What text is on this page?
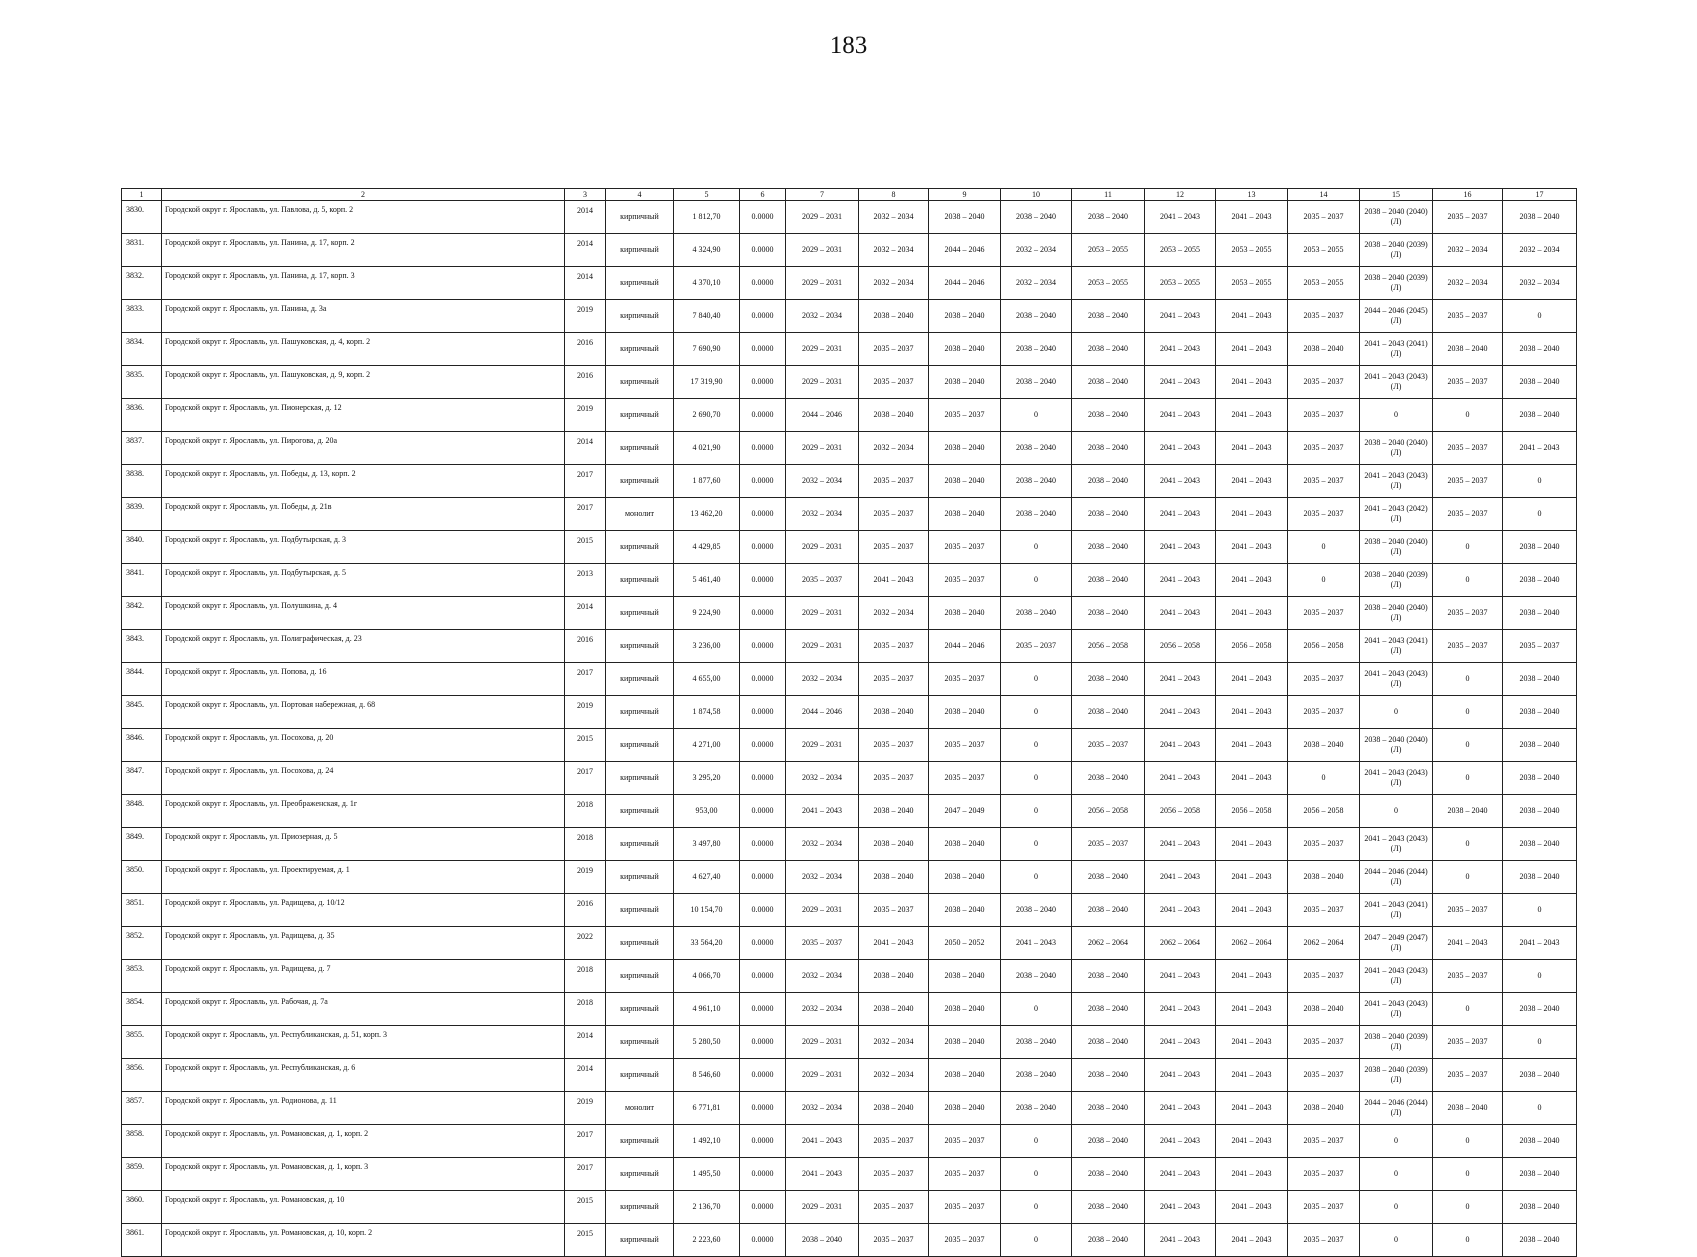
183
1	2	3	4	5	6	7	8	9	10	11	12	13	14	15	16	17
3830.	Городской округ г. Ярославль, ул. Павлова, д. 5, корп. 2	2014	кирпичный	1 812,70	0.0000	2029 – 2031	2032 – 2034	2038 – 2040	2038 – 2040	2038 – 2040	2041 – 2043	2041 – 2043	2035 – 2037	2038 – 2040 (2040) (Л)	2035 – 2037	2038 – 2040
3831.	Городской округ г. Ярославль, ул. Панина, д. 17, корп. 2	2014	кирпичный	4 324,90	0.0000	2029 – 2031	2032 – 2034	2044 – 2046	2032 – 2034	2053 – 2055	2053 – 2055	2053 – 2055	2053 – 2055	2038 – 2040 (2039) (Л)	2032 – 2034	2032 – 2034
3832.	Городской округ г. Ярославль, ул. Панина, д. 17, корп. 3	2014	кирпичный	4 370,10	0.0000	2029 – 2031	2032 – 2034	2044 – 2046	2032 – 2034	2053 – 2055	2053 – 2055	2053 – 2055	2053 – 2055	2038 – 2040 (2039) (Л)	2032 – 2034	2032 – 2034
3833.	Городской округ г. Ярославль, ул. Панина, д. 3а	2019	кирпичный	7 840,40	0.0000	2032 – 2034	2038 – 2040	2038 – 2040	2038 – 2040	2038 – 2040	2041 – 2043	2041 – 2043	2035 – 2037	2044 – 2046 (2045) (Л)	2035 – 2037	0
3834.	Городской округ г. Ярославль, ул. Пашуковская, д. 4, корп. 2	2016	кирпичный	7 690,90	0.0000	2029 – 2031	2035 – 2037	2038 – 2040	2038 – 2040	2038 – 2040	2041 – 2043	2041 – 2043	2038 – 2040	2041 – 2043 (2041) (Л)	2038 – 2040	2038 – 2040
3835.	Городской округ г. Ярославль, ул. Пашуковская, д. 9, корп. 2	2016	кирпичный	17 319,90	0.0000	2029 – 2031	2035 – 2037	2038 – 2040	2038 – 2040	2038 – 2040	2041 – 2043	2041 – 2043	2035 – 2037	2041 – 2043 (2043) (Л)	2035 – 2037	2038 – 2040
3836.	Городской округ г. Ярославль, ул. Пионерская, д. 12	2019	кирпичный	2 690,70	0.0000	2044 – 2046	2038 – 2040	2035 – 2037	0	2038 – 2040	2041 – 2043	2041 – 2043	2035 – 2037	0	0	2038 – 2040
3837.	Городской округ г. Ярославль, ул. Пирогова, д. 20а	2014	кирпичный	4 021,90	0.0000	2029 – 2031	2032 – 2034	2038 – 2040	2038 – 2040	2038 – 2040	2041 – 2043	2041 – 2043	2035 – 2037	2038 – 2040 (2040) (Л)	2035 – 2037	2041 – 2043
3838.	Городской округ г. Ярославль, ул. Победы, д. 13, корп. 2	2017	кирпичный	1 877,60	0.0000	2032 – 2034	2035 – 2037	2038 – 2040	2038 – 2040	2038 – 2040	2041 – 2043	2041 – 2043	2035 – 2037	2041 – 2043 (2043) (Л)	2035 – 2037	0
3839.	Городской округ г. Ярославль, ул. Победы, д. 21в	2017	монолит	13 462,20	0.0000	2032 – 2034	2035 – 2037	2038 – 2040	2038 – 2040	2038 – 2040	2041 – 2043	2041 – 2043	2035 – 2037	2041 – 2043 (2042) (Л)	2035 – 2037	0
3840.	Городской округ г. Ярославль, ул. Подбутырская, д. 3	2015	кирпичный	4 429,85	0.0000	2029 – 2031	2035 – 2037	2035 – 2037	0	2038 – 2040	2041 – 2043	2041 – 2043	0	2038 – 2040 (2040) (Л)	0	2038 – 2040
3841.	Городской округ г. Ярославль, ул. Подбутырская, д. 5	2013	кирпичный	5 461,40	0.0000	2035 – 2037	2041 – 2043	2035 – 2037	0	2038 – 2040	2041 – 2043	2041 – 2043	0	2038 – 2040 (2039) (Л)	0	2038 – 2040
3842.	Городской округ г. Ярославль, ул. Полушкина, д. 4	2014	кирпичный	9 224,90	0.0000	2029 – 2031	2032 – 2034	2038 – 2040	2038 – 2040	2038 – 2040	2041 – 2043	2041 – 2043	2035 – 2037	2038 – 2040 (2040) (Л)	2035 – 2037	2038 – 2040
3843.	Городской округ г. Ярославль, ул. Полиграфическая, д. 23	2016	кирпичный	3 236,00	0.0000	2029 – 2031	2035 – 2037	2044 – 2046	2035 – 2037	2056 – 2058	2056 – 2058	2056 – 2058	2056 – 2058	2041 – 2043 (2041) (Л)	2035 – 2037	2035 – 2037
3844.	Городской округ г. Ярославль, ул. Попова, д. 16	2017	кирпичный	4 655,00	0.0000	2032 – 2034	2035 – 2037	2035 – 2037	0	2038 – 2040	2041 – 2043	2041 – 2043	2035 – 2037	2041 – 2043 (2043) (Л)	0	2038 – 2040
3845.	Городской округ г. Ярославль, ул. Портовая набережная, д. 68	2019	кирпичный	1 874,58	0.0000	2044 – 2046	2038 – 2040	2038 – 2040	0	2038 – 2040	2041 – 2043	2041 – 2043	2035 – 2037	0	0	2038 – 2040
3846.	Городской округ г. Ярославль, ул. Посохова, д. 20	2015	кирпичный	4 271,00	0.0000	2029 – 2031	2035 – 2037	2035 – 2037	0	2035 – 2037	2041 – 2043	2041 – 2043	2038 – 2040	2038 – 2040 (2040) (Л)	0	2038 – 2040
3847.	Городской округ г. Ярославль, ул. Посохова, д. 24	2017	кирпичный	3 295,20	0.0000	2032 – 2034	2035 – 2037	2035 – 2037	0	2038 – 2040	2041 – 2043	2041 – 2043	0	2041 – 2043 (2043) (Л)	0	2038 – 2040
3848.	Городской округ г. Ярославль, ул. Преображенская, д. 1г	2018	кирпичный	953,00	0.0000	2041 – 2043	2038 – 2040	2047 – 2049	0	2056 – 2058	2056 – 2058	2056 – 2058	2056 – 2058	0	2038 – 2040	2038 – 2040
3849.	Городской округ г. Ярославль, ул. Приозерная, д. 5	2018	кирпичный	3 497,80	0.0000	2032 – 2034	2038 – 2040	2038 – 2040	0	2035 – 2037	2041 – 2043	2041 – 2043	2035 – 2037	2041 – 2043 (2043) (Л)	0	2038 – 2040
3850.	Городской округ г. Ярославль, ул. Проектируемая, д. 1	2019	кирпичный	4 627,40	0.0000	2032 – 2034	2038 – 2040	2038 – 2040	0	2038 – 2040	2041 – 2043	2041 – 2043	2038 – 2040	2044 – 2046 (2044) (Л)	0	2038 – 2040
3851.	Городской округ г. Ярославль, ул. Радищева, д. 10/12	2016	кирпичный	10 154,70	0.0000	2029 – 2031	2035 – 2037	2038 – 2040	2038 – 2040	2038 – 2040	2041 – 2043	2041 – 2043	2035 – 2037	2041 – 2043 (2041) (Л)	2035 – 2037	0
3852.	Городской округ г. Ярославль, ул. Радищева, д. 35	2022	кирпичный	33 564,20	0.0000	2035 – 2037	2041 – 2043	2050 – 2052	2041 – 2043	2062 – 2064	2062 – 2064	2062 – 2064	2062 – 2064	2047 – 2049 (2047) (Л)	2041 – 2043	2041 – 2043
3853.	Городской округ г. Ярославль, ул. Радищева, д. 7	2018	кирпичный	4 066,70	0.0000	2032 – 2034	2038 – 2040	2038 – 2040	2038 – 2040	2038 – 2040	2041 – 2043	2041 – 2043	2035 – 2037	2041 – 2043 (2043) (Л)	2035 – 2037	0
3854.	Городской округ г. Ярославль, ул. Рабочая, д. 7а	2018	кирпичный	4 961,10	0.0000	2032 – 2034	2038 – 2040	2038 – 2040	0	2038 – 2040	2041 – 2043	2041 – 2043	2038 – 2040	2041 – 2043 (2043) (Л)	0	2038 – 2040
3855.	Городской округ г. Ярославль, ул. Республиканская, д. 51, корп. 3	2014	кирпичный	5 280,50	0.0000	2029 – 2031	2032 – 2034	2038 – 2040	2038 – 2040	2038 – 2040	2041 – 2043	2041 – 2043	2035 – 2037	2038 – 2040 (2039) (Л)	2035 – 2037	0
3856.	Городской округ г. Ярославль, ул. Республиканская, д. 6	2014	кирпичный	8 546,60	0.0000	2029 – 2031	2032 – 2034	2038 – 2040	2038 – 2040	2038 – 2040	2041 – 2043	2041 – 2043	2035 – 2037	2038 – 2040 (2039) (Л)	2035 – 2037	2038 – 2040
3857.	Городской округ г. Ярославль, ул. Родионова, д. 11	2019	монолит	6 771,81	0.0000	2032 – 2034	2038 – 2040	2038 – 2040	2038 – 2040	2038 – 2040	2041 – 2043	2041 – 2043	2038 – 2040	2044 – 2046 (2044) (Л)	2038 – 2040	0
3858.	Городской округ г. Ярославль, ул. Романовская, д. 1, корп. 2	2017	кирпичный	1 492,10	0.0000	2041 – 2043	2035 – 2037	2035 – 2037	0	2038 – 2040	2041 – 2043	2041 – 2043	2035 – 2037	0	0	2038 – 2040
3859.	Городской округ г. Ярославль, ул. Романовская, д. 1, корп. 3	2017	кирпичный	1 495,50	0.0000	2041 – 2043	2035 – 2037	2035 – 2037	0	2038 – 2040	2041 – 2043	2041 – 2043	2035 – 2037	0	0	2038 – 2040
3860.	Городской округ г. Ярославль, ул. Романовская, д. 10	2015	кирпичный	2 136,70	0.0000	2029 – 2031	2035 – 2037	2035 – 2037	0	2038 – 2040	2041 – 2043	2041 – 2043	2035 – 2037	0	0	2038 – 2040
3861.	Городской округ г. Ярославль, ул. Романовская, д. 10, корп. 2	2015	кирпичный	2 223,60	0.0000	2038 – 2040	2035 – 2037	2035 – 2037	0	2038 – 2040	2041 – 2043	2041 – 2043	2035 – 2037	0	0	2038 – 2040
